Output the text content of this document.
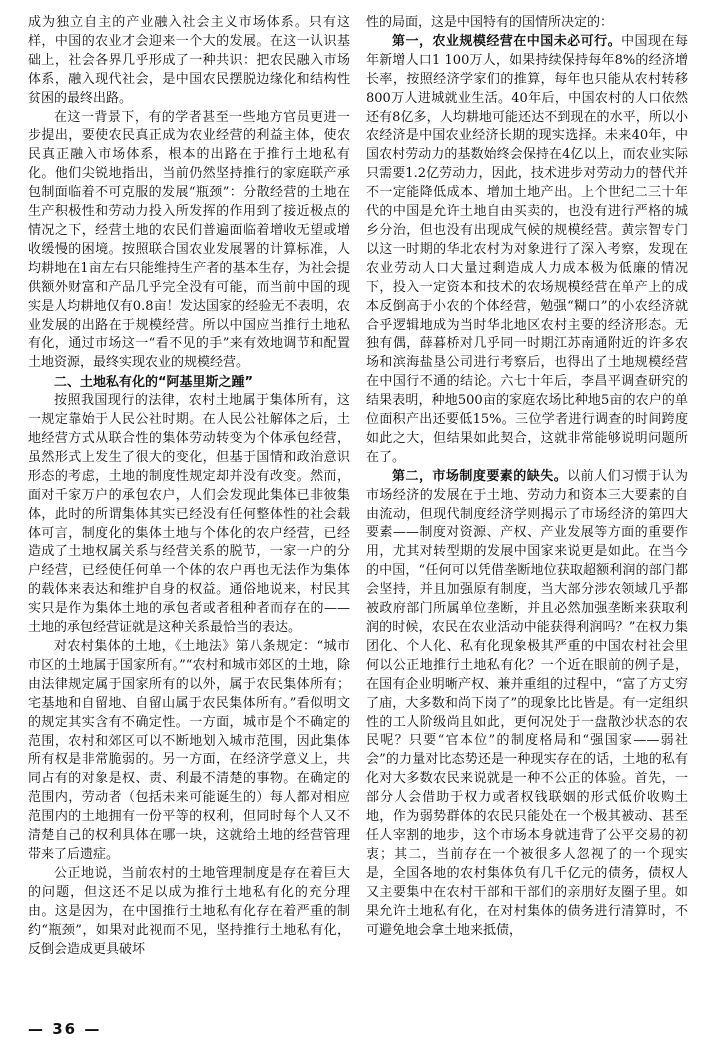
成为独立自主的产业融入社会主义市场体系。只有这样，中国的农业才会迎来一个大的发展。在这一认识基础上，社会各界几乎形成了一种共识：把农民融入市场体系，融入现代社会，是中国农民摆脱边缘化和结构性贫困的最终出路。

在这一背景下，有的学者甚至一些地方官员更进一步提出，要使农民真正成为农业经营的利益主体，使农民真正融入市场体系，根本的出路在于推行土地私有化。他们尖锐地指出，当前仍然坚持推行的家庭联产承包制面临着不可克服的发展“瓶颈”：分散经营的土地在生产积极性和劳动力投入所发挥的作用到了接近极点的情况之下，经营土地的农民们普遍面临着增收无望或增收缓慢的困境。按照联合国农业发展署的计算标准，人均耕地在1亩左右只能维持生产者的基本生存，为社会提供额外财富和产品几乎完全没有可能，而当前中国的现实是人均耕地仅有0.8亩！发达国家的经验无不表明，农业发展的出路在于规模经营。所以中国应当推行土地私有化，通过市场这一“看不见的手”来有效地调节和配置土地资源，最终实现农业的规模经营。

二、土地私有化的“阿基里斯之踵”

按照我国现行的法律，农村土地属于集体所有，这一规定靠始于人民公社时期。在人民公社解体之后，土地经营方式从联合性的集体劳动转变为个体承包经营，虽然形式上发生了很大的变化，但基于国情和政治意识形态的考虑，土地的制度性规定却并没有改变。然而，面对千家万户的承包农户，人们会发现此集体已非彼集体，此时的所谓集体其实已经没有任何整体性的社会载体可言，制度化的集体土地与个体化的农户经营，已经造成了土地权属关系与经营关系的脱节，一家一户的分户经营，已经使任何单一个体的农户再也无法作为集体的载体来表达和维护自身的权益。通俗地说来，村民其实只是作为集体土地的承包者或者租种者而存在的——土地的承包经营证就是这种关系最恰当的表达。

对农村集体的土地，《土地法》第八条规定：“城市市区的土地属于国家所有。”“农村和城市郊区的土地，除由法律规定属于国家所有的以外，属于农民集体所有；宅基地和自留地、自留山属于农民集体所有。”看似明文的规定其实含有不确定性。一方面，城市是个不确定的范围，农村和郊区可以不断地划入城市范围，因此集体所有权是非常脆弱的。另一方面，在经济学意义上，共同占有的对象是权、责、利最不清楚的事物。在确定的范围内，劳动者（包括未来可能诞生的）每人都对相应范围内的土地拥有一份平等的权利，但同时每个人又不清楚自己的权利具体在哪一块，这就给土地的经营管理带来了后遗症。

公正地说，当前农村的土地管理制度是存在着巨大的问题，但这还不足以成为推行土地私有化的充分理由。这是因为，在中国推行土地私有化存在着严重的制约“瓶颈”，如果对此视而不见，坚持推行土地私有化，反倒会造成更具破坏

性的局面，这是中国特有的国情所决定的：

第一，农业规模经营在中国未必可行。中国现在每年新增人口1 100万人，如果持续保持每年8%的经济增长率，按照经济学家们的推算，每年也只能从农村转移800万人进城就业生活。40年后，中国农村的人口依然还有8亿多，人均耕地可能还达不到现在的水平，所以小农经济是中国农业经济长期的现实选择。未来40年，中国农村劳动力的基数始终会保持在4亿以上，而农业实际只需要1.2亿劳动力，因此，技术进步对劳动力的替代并不一定能降低成本、增加土地产出。上个世纪二三十年代的中国是允许土地自由买卖的，也没有进行严格的城乡分治，但也没有出现成气候的规模经营。黄宗智专门以这一时期的华北农村为对象进行了深入考察，发现在农业劳动人口大量过剩造成人力成本极为低廉的情况下，投入一定资本和技术的农场规模经营在单产上的成本反倒高于小农的个体经营，勉强“糊口”的小农经济就合乎逻辑地成为当时华北地区农村主要的经济形态。无独有偶，薛暮桥对几乎同一时期江苏南通附近的许多农场和滨海盐垦公司进行考察后，也得出了土地规模经营在中国行不通的结论。六七十年后，李昌平调查研究的结果表明，种地500亩的家庭农场比种地5亩的农户的单位面积产出还要低15%。三位学者进行调查的时间跨度如此之大，但结果如此契合，这就非常能够说明问题所在了。

第二，市场制度要素的缺失。以前人们习惯于认为市场经济的发展在于土地、劳动力和资本三大要素的自由流动，但现代制度经济学则揭示了市场经济的第四大要素——制度对资源、产权、产业发展等方面的重要作用，尤其对转型期的发展中国家来说更是如此。在当今的中国，“任何可以凭借垄断地位获取超额利润的部门都会坚持，并且加强原有制度，当大部分涉农领域几乎都被政府部门所属单位垄断，并且必然加强垄断来获取利润的时候，农民在农业活动中能获得利润吗？”在权力集团化、个人化、私有化现象极其严重的中国农村社会里何以公正地推行土地私有化？一个近在眼前的例子是，在国有企业明晰产权、兼并重组的过程中，“富了方丈穷了庙，大多数和尚下岗了”的现象比比皆是。有一定组织性的工人阶级尚且如此，更何况处于一盘散沙状态的农民呢？只要“官本位”的制度格局和“强国家——弱社会”的力量对比态势还是一种现实存在的话，土地的私有化对大多数农民来说就是一种不公正的体验。首先，一部分人会借助于权力或者权钱联姻的形式低价收购土地，作为弱势群体的农民只能处在一个极其被动、甚至任人宰割的地步，这个市场本身就违背了公平交易的初衷；其二，当前存在一个被很多人忽视了的一个现实是，全国各地的农村集体负有几千亿元的债务，债权人又主要集中在农村干部和干部们的亲朋好友圈子里。如果允许土地私有化，在对村集体的债务进行清算时，不可避免地会拿土地来抵债，

— 36 —
